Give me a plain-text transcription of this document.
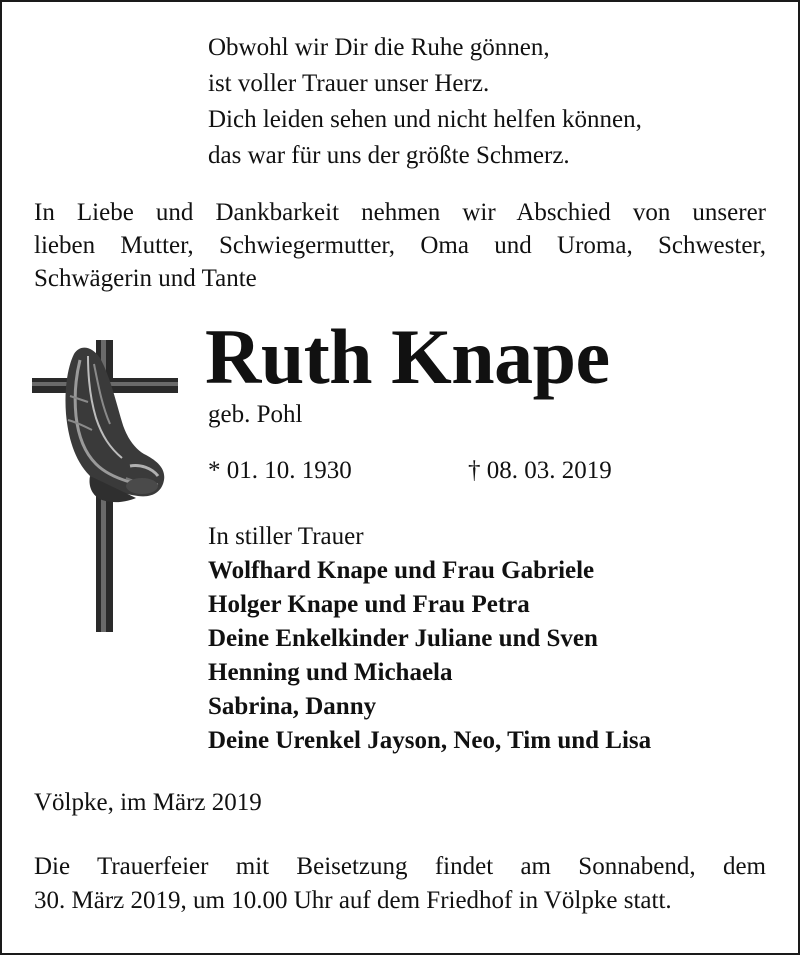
Obwohl wir Dir die Ruhe gönnen,
ist voller Trauer unser Herz.
Dich leiden sehen und nicht helfen können,
das war für uns der größte Schmerz.
In Liebe und Dankbarkeit nehmen wir Abschied von unserer
lieben Mutter, Schwiegermutter, Oma und Uroma, Schwester,
Schwägerin und Tante
Ruth Knape
geb. Pohl
* 01. 10. 1930	† 08. 03. 2019
In stiller Trauer
Wolfhard Knape und Frau Gabriele
Holger Knape und Frau Petra
Deine Enkelkinder Juliane und Sven
Henning und Michaela
Sabrina, Danny
Deine Urenkel Jayson, Neo, Tim und Lisa
Völpke, im März 2019
Die Trauerfeier mit Beisetzung findet am Sonnabend, dem
30. März 2019, um 10.00 Uhr auf dem Friedhof in Völpke statt.
